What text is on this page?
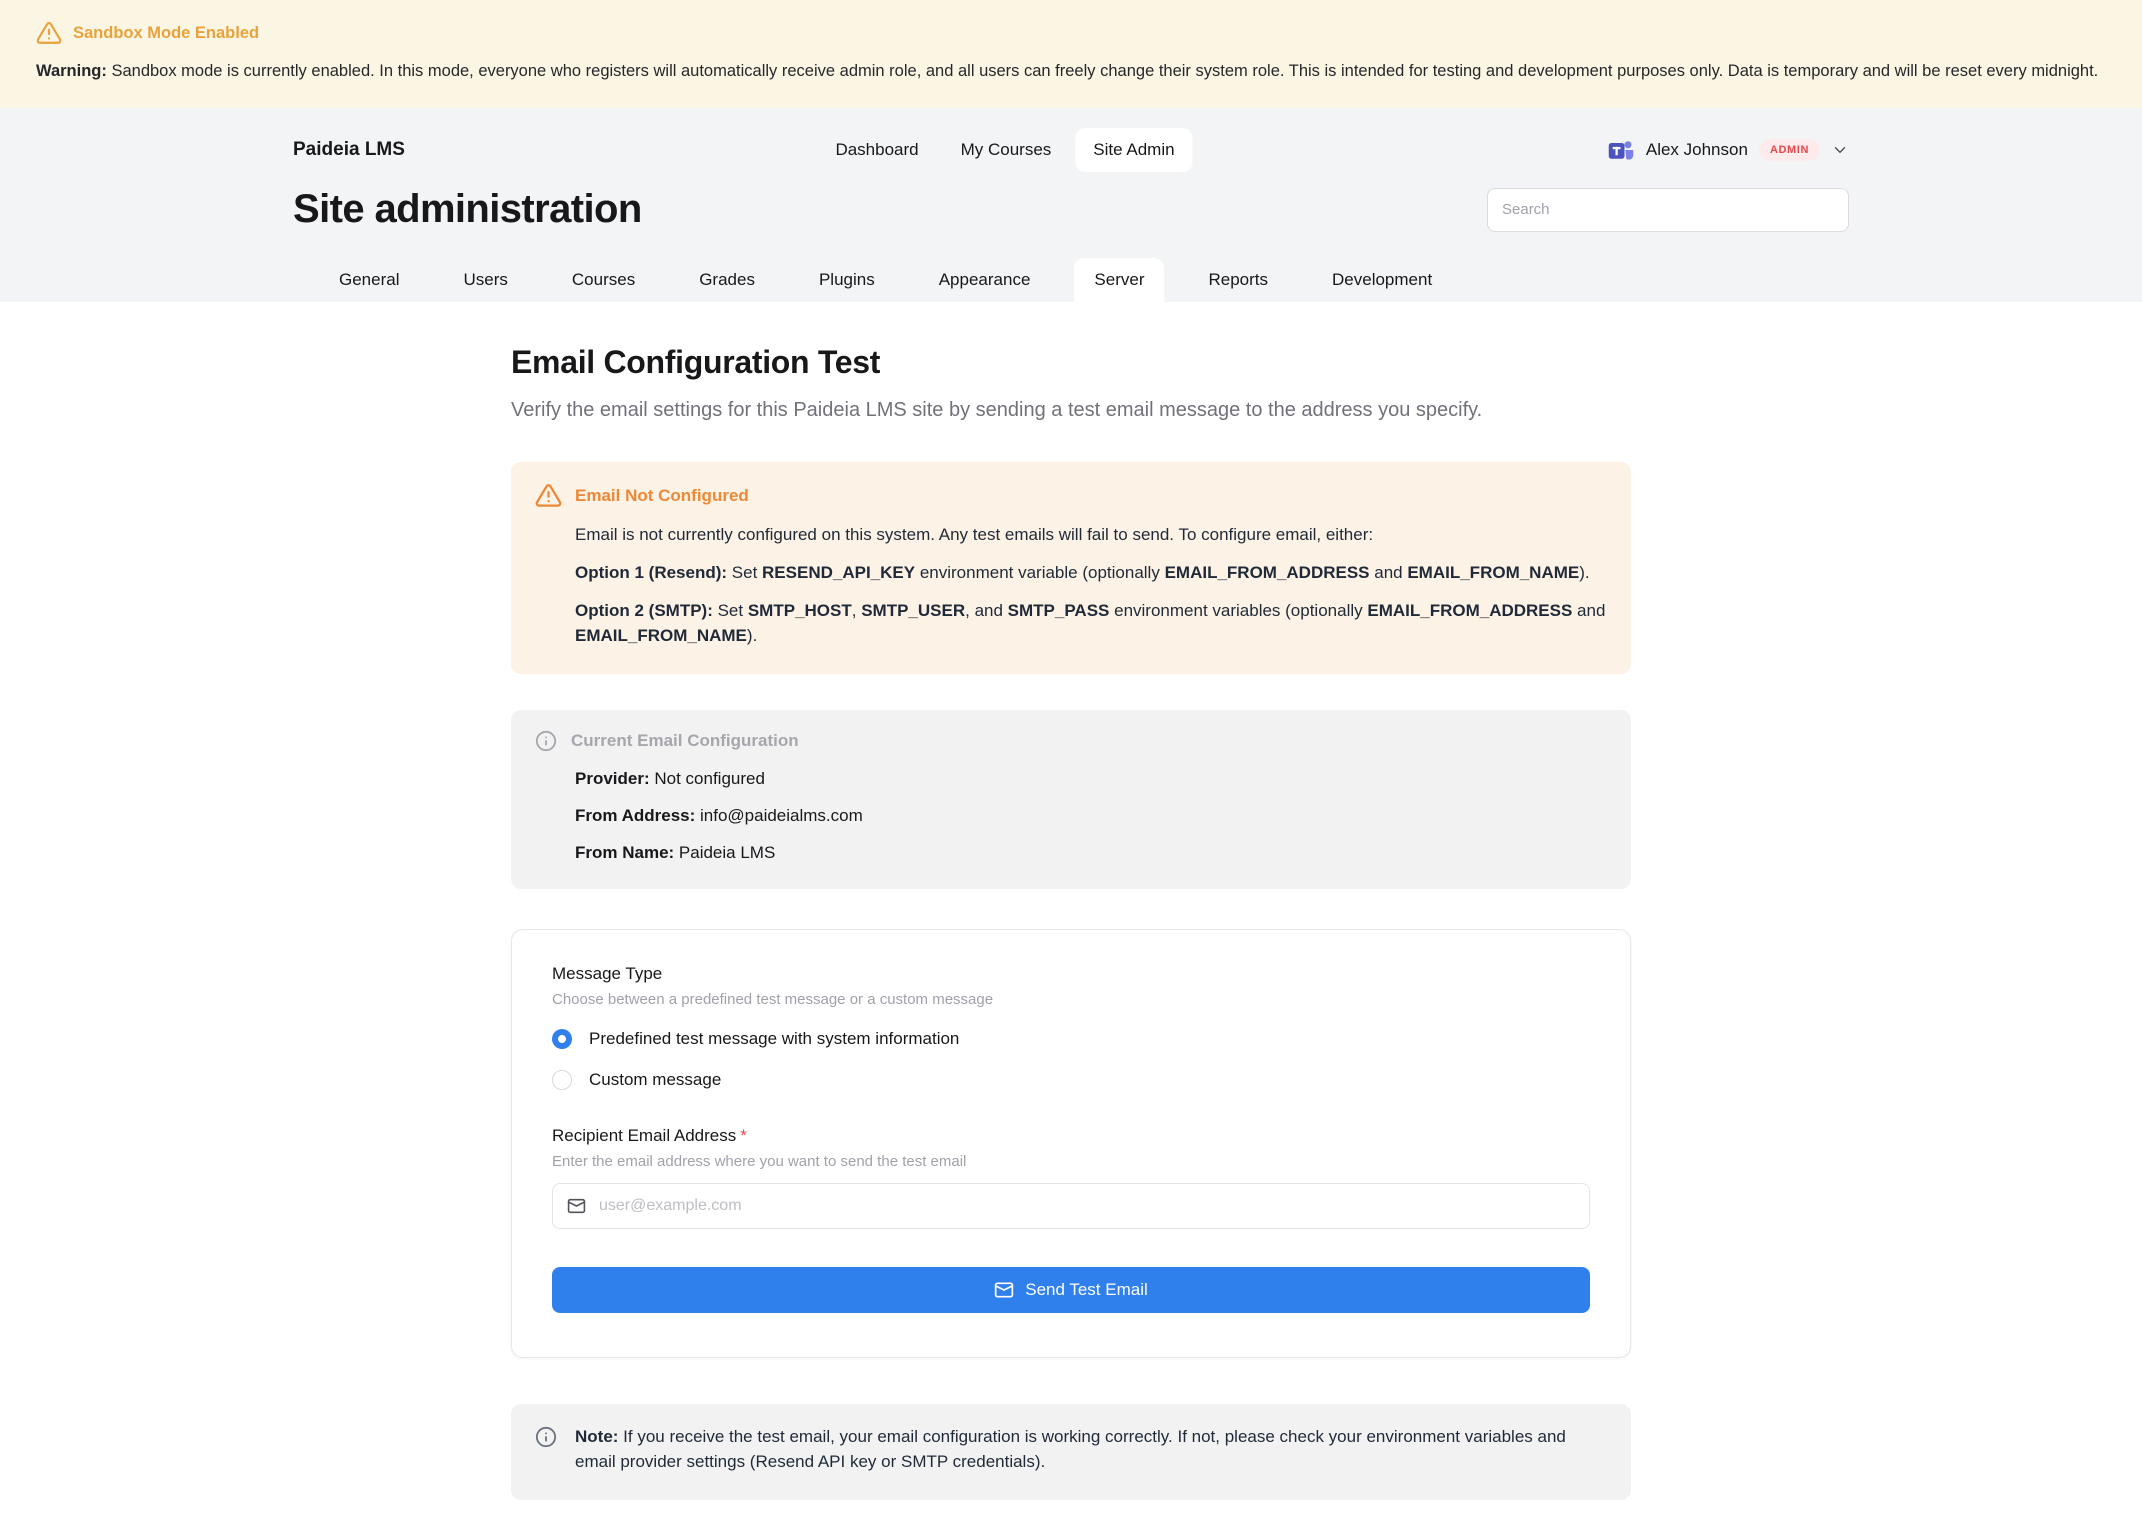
Sandbox Mode Enabled
Warning: Sandbox mode is currently enabled. In this mode, everyone who registers will automatically receive admin role, and all users can freely change their system role. This is intended for testing and development purposes only. Data is temporary and will be reset every midnight.
Paideia LMS	Dashboard	My Courses	Site Admin	Alex Johnson	ADMIN
Site administration
Search
General	Users	Courses	Grades	Plugins	Appearance	Server	Reports	Development
Email Configuration Test
Verify the email settings for this Paideia LMS site by sending a test email message to the address you specify.
Email Not Configured
Email is not currently configured on this system. Any test emails will fail to send. To configure email, either:
Option 1 (Resend): Set RESEND_API_KEY environment variable (optionally EMAIL_FROM_ADDRESS and EMAIL_FROM_NAME).
Option 2 (SMTP): Set SMTP_HOST, SMTP_USER, and SMTP_PASS environment variables (optionally EMAIL_FROM_ADDRESS and EMAIL_FROM_NAME).
Current Email Configuration
Provider: Not configured
From Address: info@paideialms.com
From Name: Paideia LMS
Message Type
Choose between a predefined test message or a custom message
Predefined test message with system information
Custom message
Recipient Email Address *
Enter the email address where you want to send the test email
user@example.com
Send Test Email
Note: If you receive the test email, your email configuration is working correctly. If not, please check your environment variables and email provider settings (Resend API key or SMTP credentials).
